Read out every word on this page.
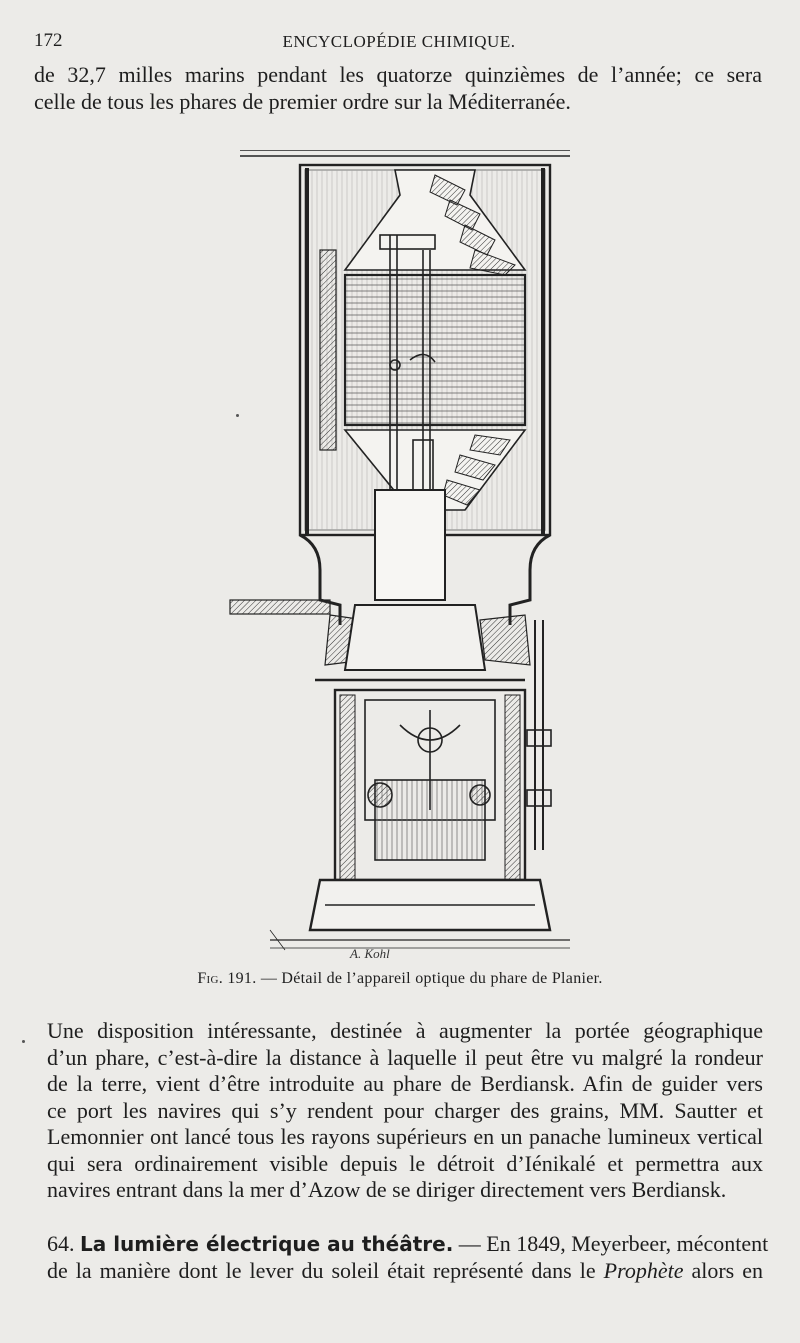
172	ENCYCLOPÉDIE CHIMIQUE.
de 32,7 milles marins pendant les quatorze quinzièmes de l’année; ce sera
celle de tous les phares de premier ordre sur la Méditerranée.
A. Kohl
Fig. 191. — Détail de l’appareil optique du phare de Planier.
Une disposition intéressante, destinée à augmenter la portée géographique
d’un phare, c’est-à-dire la distance à laquelle il peut être vu malgré la rondeur
de la terre, vient d’être introduite au phare de Berdiansk. Afin de guider vers
ce port les navires qui s’y rendent pour charger des grains, MM. Sautter et
Lemonnier ont lancé tous les rayons supérieurs en un panache lumineux vertical
qui sera ordinairement visible depuis le détroit d’Iénikalé et permettra aux
navires entrant dans la mer d’Azow de se diriger directement vers Berdiansk.
64. La lumière électrique au théâtre. — En 1849, Meyerbeer, mécontent
de la manière dont le lever du soleil était représenté dans le Prophète alors en
